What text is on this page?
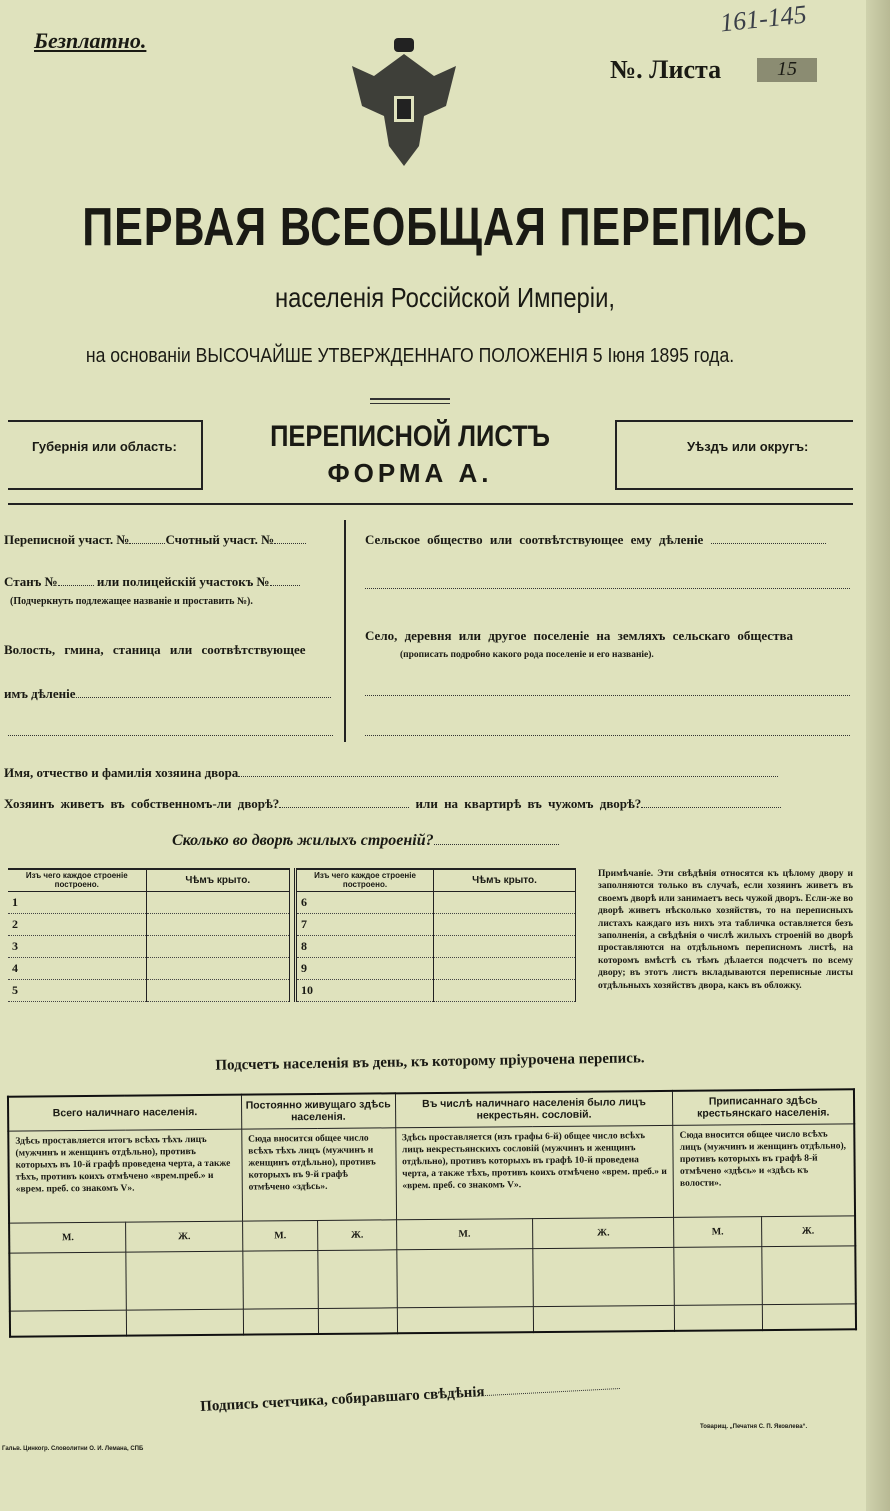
Безплатно.
161-145
№. Листа	15
ПЕРВАЯ ВСЕОБЩАЯ ПЕРЕПИСЬ
населенія Россійской Имперіи,
на основаніи ВЫСОЧАЙШЕ УТВЕРЖДЕННАГО ПОЛОЖЕНІЯ 5 Іюня 1895 года.
Губернія или область:	ПЕРЕПИСНОЙ ЛИСТЪ
ФОРМА А.
Уѣздъ или округъ:
Переписной участ. №	Счотный участ. №
Станъ №	или полицейскій участокъ №
(Подчеркнуть подлежащее названіе и проставить №).
Волость, гмина, станица или соотвѣтствующее
имъ дѣленіе
Сельское общество или соотвѣтствующее ему дѣленіе
Село, деревня или другое поселеніе на земляхъ сельскаго общества
(прописать подробно какого рода поселеніе и его названіе).
Имя, отчество и фамилія хозяина двора
Хозяинъ живетъ въ собственномъ-ли дворѣ?	или на квартирѣ въ чужомъ дворѣ?
Сколько во дворѣ жилыхъ строеній?
Изъ чего каждое строеніе построено.	Чѣмъ крыто.
1	
2	
3	
4	
5	
Изъ чего каждое строеніе построено.	Чѣмъ крыто.
6	
7	
8	
9	
10	
Примѣчаніе. Эти свѣдѣнія относятся къ цѣлому двору и заполняются только въ случаѣ, если хозяинъ живетъ въ своемъ дворѣ или занимаетъ весь чужой дворъ. Если-же во дворѣ живетъ нѣсколько хозяйствъ, то на переписныхъ листахъ каждаго изъ нихъ эта табличка оставляется безъ заполненія, а свѣдѣнія о числѣ жилыхъ строеній во дворѣ проставляются на отдѣльномъ переписномъ листѣ, на которомъ вмѣстѣ съ тѣмъ дѣлается подсчетъ по всему двору; въ этотъ листъ вкладываются переписные листы отдѣльныхъ хозяйствъ двора, какъ въ обложку.
Подсчетъ населенія въ день, къ которому пріурочена перепись.
Всего наличнаго населенія.		Постоянно живущаго здѣсь населенія.		Въ числѣ наличнаго населенія было лицъ некрестьян. сословій.		Приписаннаго здѣсь крестьянскаго населенія.	
Здѣсь проставляется итогъ всѣхъ тѣхъ лицъ (мужчинъ и женщинъ отдѣльно), противъ которыхъ въ 10-й графѣ проведена черта, а также тѣхъ, противъ коихъ отмѣчено «врем.преб.» и «врем. преб. со знакомъ V».		Сюда вносится общее число всѣхъ тѣхъ лицъ (мужчинъ и женщинъ отдѣльно), противъ которыхъ въ 9-й графѣ отмѣчено «здѣсь».		Здѣсь проставляется (изъ графы 6-й) общее число всѣхъ лицъ некрестьянскихъ сословій (мужчинъ и женщинъ отдѣльно), противъ которыхъ въ графѣ 10-й проведена черта, а также тѣхъ, противъ коихъ отмѣчено «врем. преб.» и «врем. преб. со знакомъ V».		Сюда вносится общее число всѣхъ лицъ (мужчинъ и женщинъ отдѣльно), противъ которыхъ въ графѣ 8-й отмѣчено «здѣсь» и «здѣсь къ волости».	
М.	Ж.	М.	Ж.	М.	Ж.	М.	Ж.

Подпись счетчика, собиравшаго свѣдѣнія
Товарищ. „Печатня С. П. Яковлева“.
Гальв. Цинкогр. Словолитни О. И. Лемана, СПБ
